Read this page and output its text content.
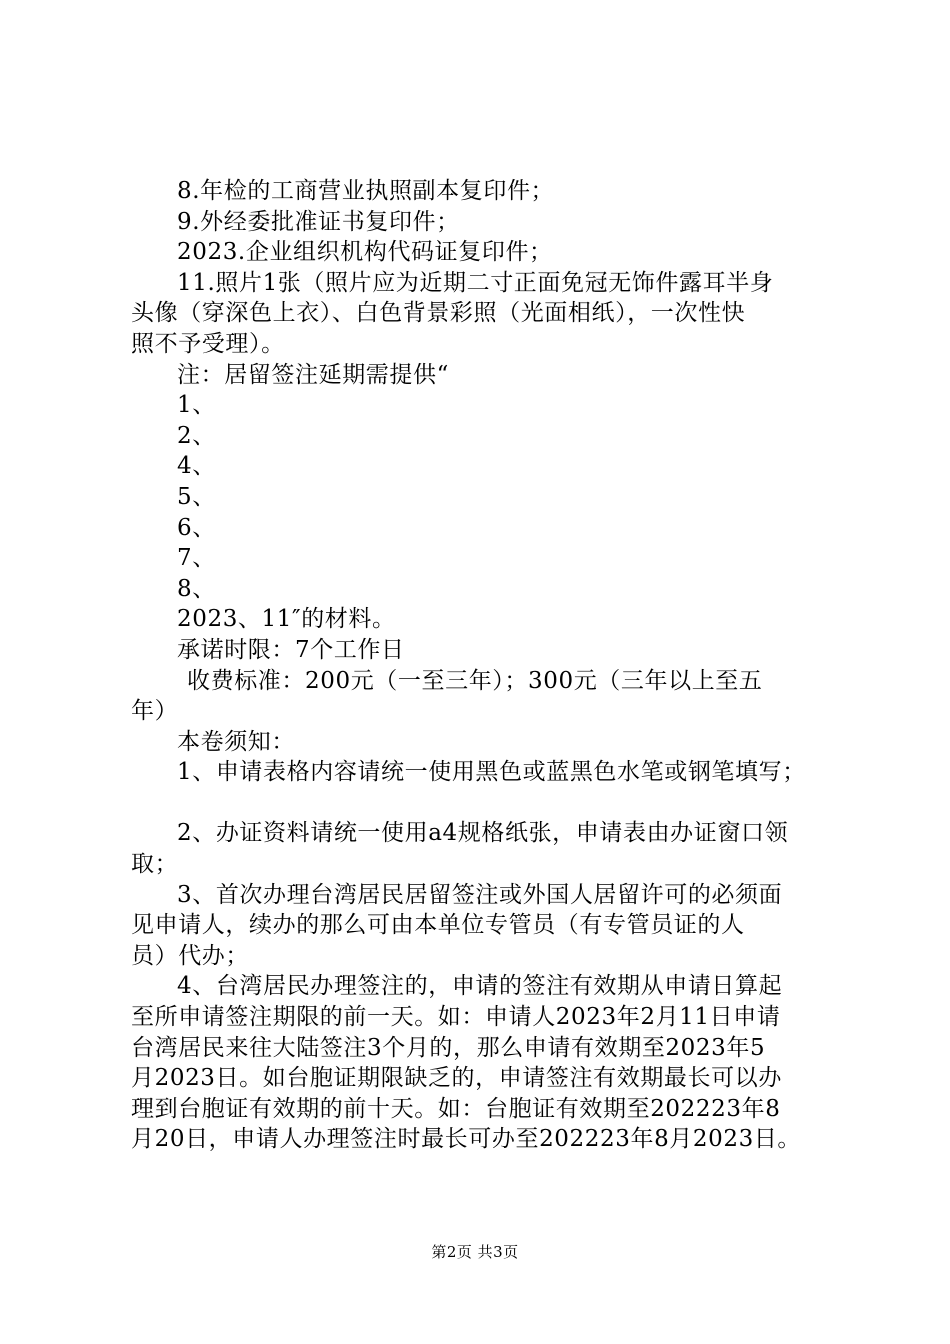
8.年检的工商营业执照副本复印件；
9.外经委批准证书复印件；
2023.企业组织机构代码证复印件；
11.照片1张（照片应为近期二寸正面免冠无饰件露耳半身
头像（穿深色上衣）、白色背景彩照（光面相纸），一次性快
照不予受理）。
注：居留签注延期需提供“
1、
2、
4、
5、
6、
7、
8、
2023、11″的材料。
承诺时限：7个工作日
收费标准：200元（一至三年）；300元（三年以上至五
年）
本卷须知：
1、申请表格内容请统一使用黑色或蓝黑色水笔或钢笔填写；
2、办证资料请统一使用a4规格纸张，申请表由办证窗口领
取；
3、首次办理台湾居民居留签注或外国人居留许可的必须面
见申请人，续办的那么可由本单位专管员（有专管员证的人
员）代办；
4、台湾居民办理签注的，申请的签注有效期从申请日算起
至所申请签注期限的前一天。如：申请人2023年2月11日申请
台湾居民来往大陆签注3个月的，那么申请有效期至2023年5
月2023日。如台胞证期限缺乏的，申请签注有效期最长可以办
理到台胞证有效期的前十天。如：台胞证有效期至202223年8
月20日，申请人办理签注时最长可办至202223年8月2023日。
第2页 共3页
